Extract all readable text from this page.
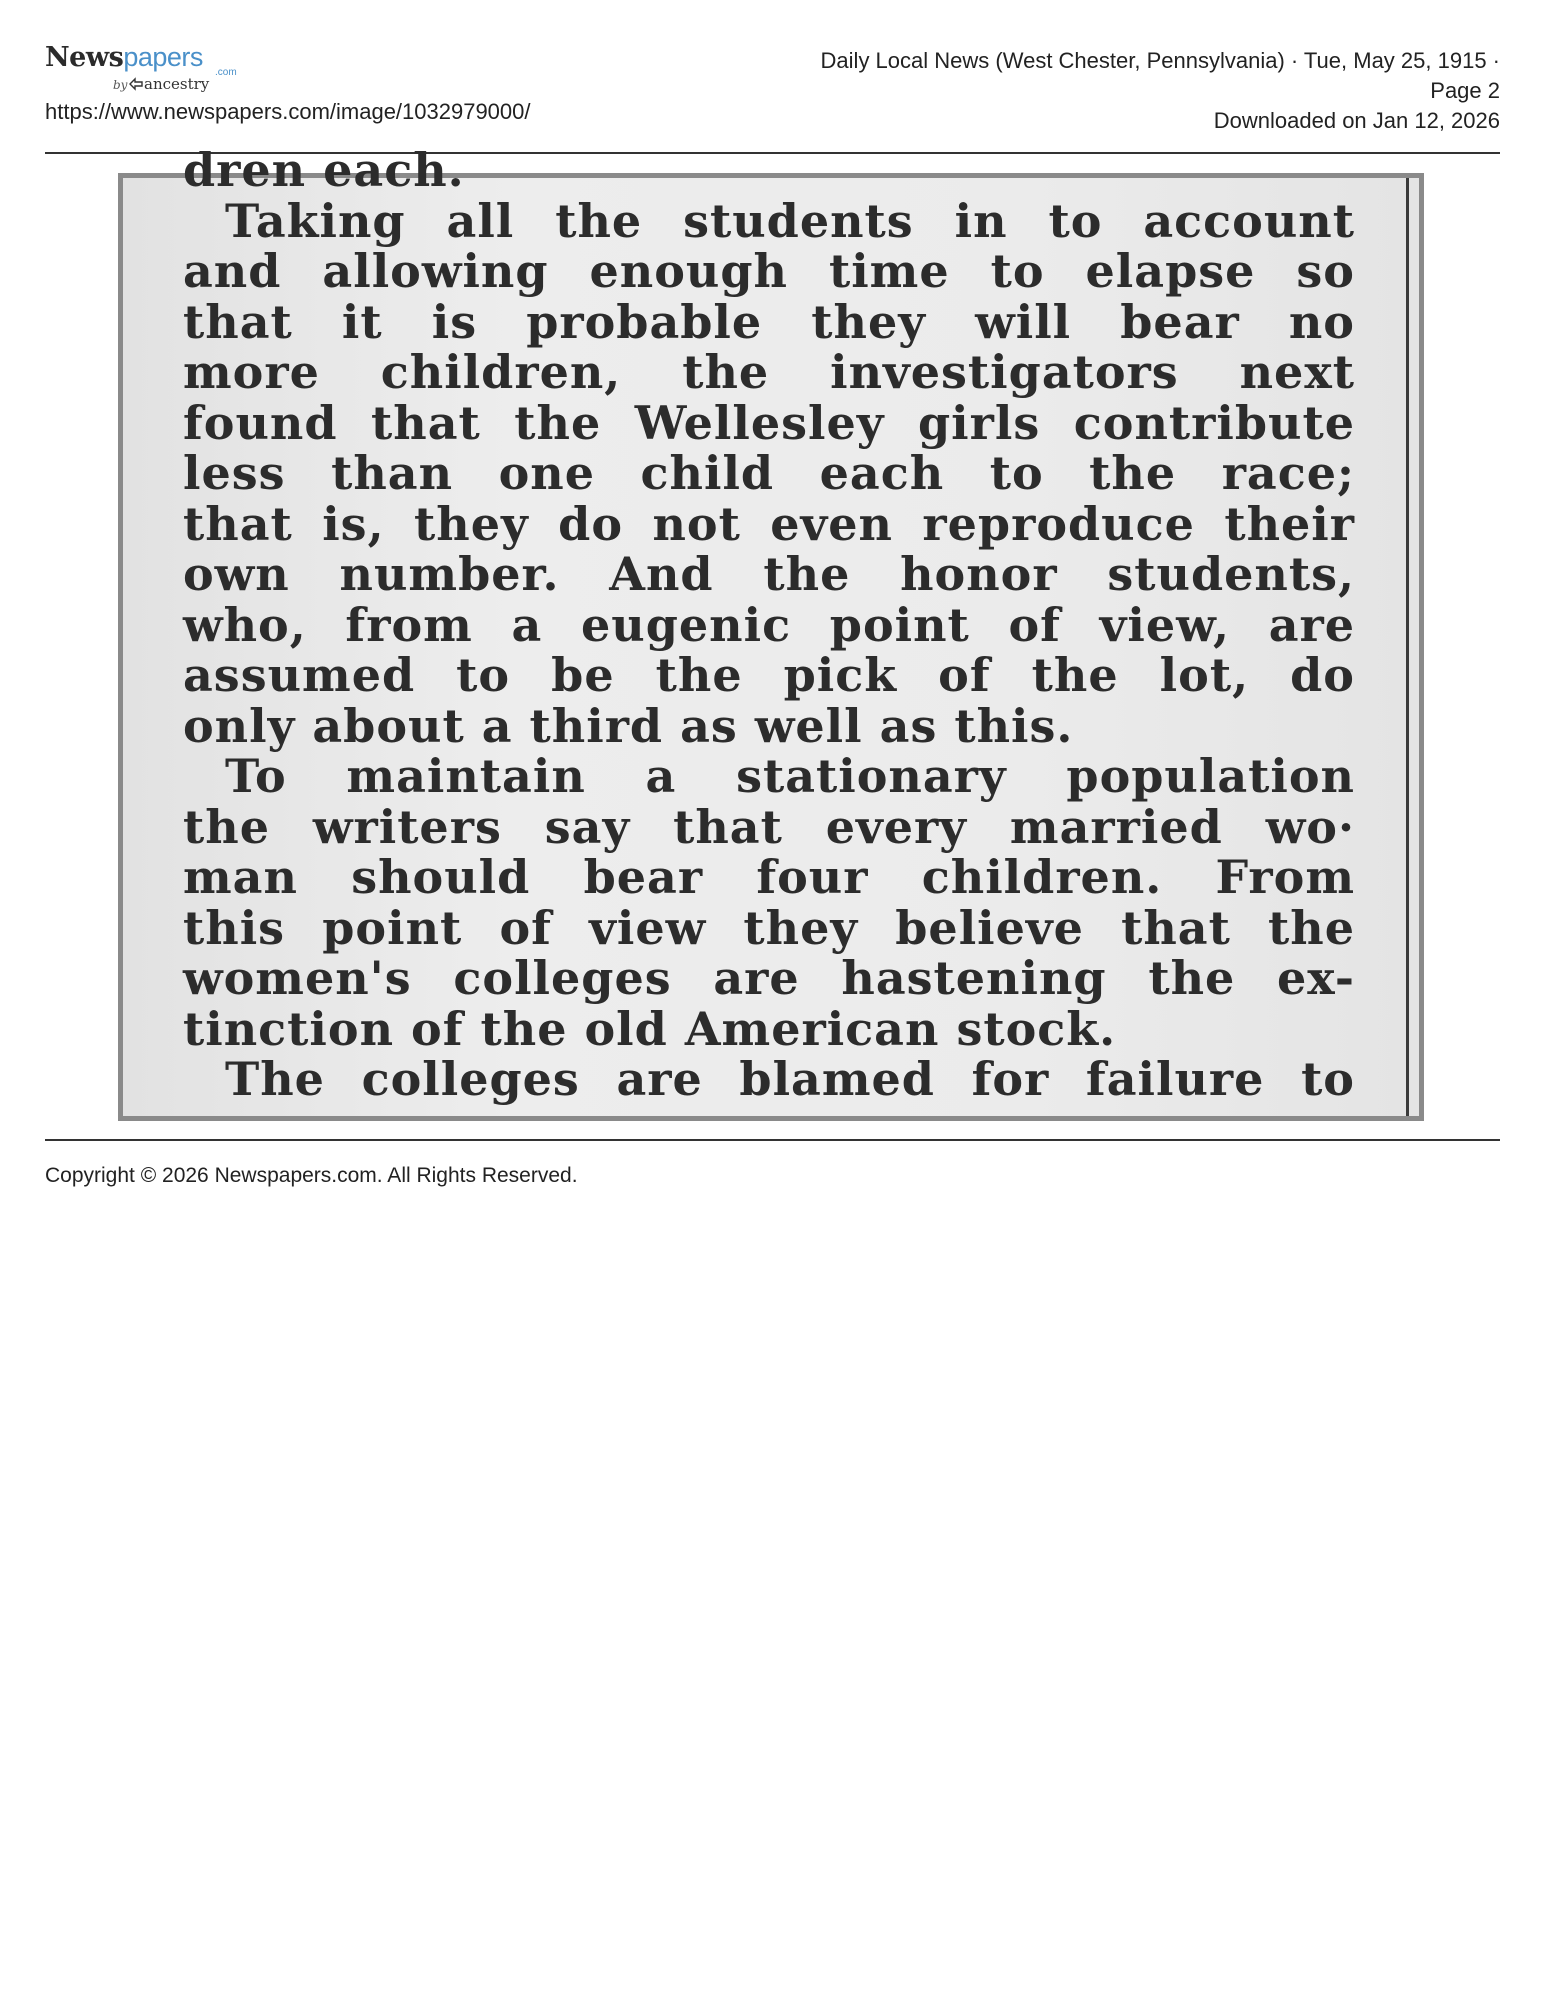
Newspapers
.com
by	ancestry
https://www.newspapers.com/image/1032979000/
Daily Local News (West Chester, Pennsylvania) · Tue, May 25, 1915 ·
Page 2
Downloaded on Jan 12, 2026
dren each.
Taking all the students in to account
and allowing enough time to elapse so
that it is probable they will bear no
more children, the investigators next
found that the Wellesley girls contribute
less than one child each to the race;
that is, they do not even reproduce their
own number. And the honor students,
who, from a eugenic point of view, are
assumed to be the pick of the lot, do
only about a third as well as this.
To maintain a stationary population
the writers say that every married wo·
man should bear four children. From
this point of view they believe that the
women's colleges are hastening the ex-
tinction of the old American stock.
The colleges are blamed for failure to
Copyright © 2026 Newspapers.com. All Rights Reserved.
